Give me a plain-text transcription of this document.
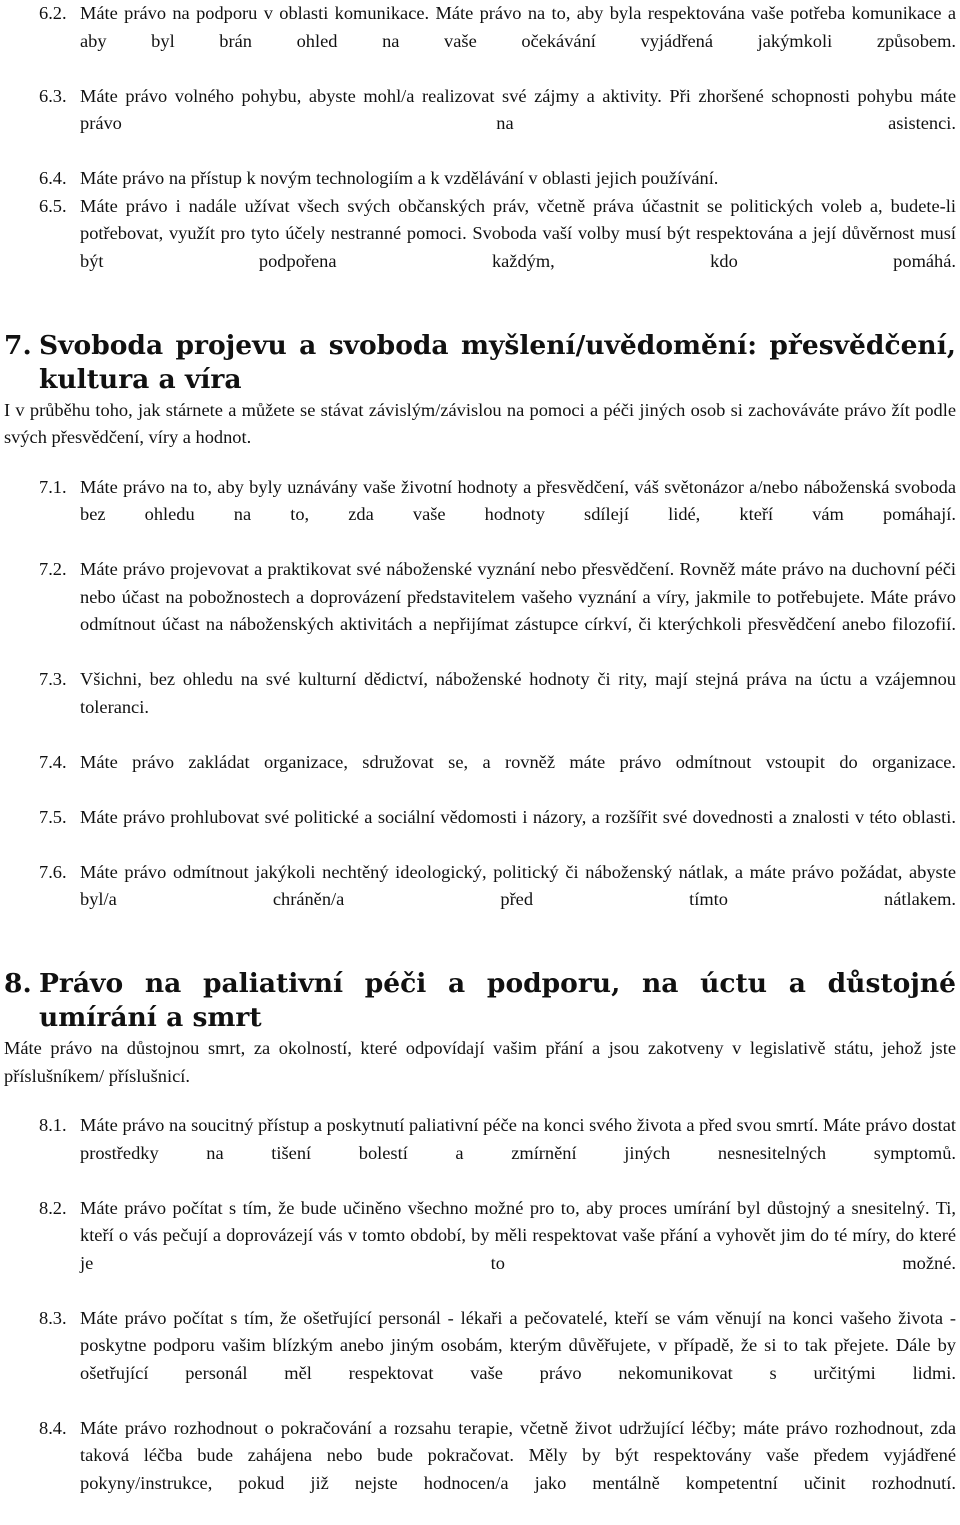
6.2. Máte právo na podporu v oblasti komunikace. Máte právo na to, aby byla respektována vaše potřeba komunikace a aby byl brán ohled na vaše očekávání vyjádřená jakýmkoli způsobem.
6.3. Máte právo volného pohybu, abyste mohl/a realizovat své zájmy a aktivity. Při zhoršené schopnosti pohybu máte právo na asistenci.
6.4. Máte právo na přístup k novým technologiím a k vzdělávání v oblasti jejich používání.
6.5. Máte právo i nadále užívat všech svých občanských práv, včetně práva účastnit se politických voleb a, budete-li potřebovat, využít pro tyto účely nestranné pomoci. Svoboda vaší volby musí být respektována a její důvěrnost musí být podpořena každým, kdo pomáhá.
7. Svoboda projevu a svoboda myšlení/uvědomění: přesvědčení, kultura a víra

I v průběhu toho, jak stárnete a můžete se stávat závislým/závislou na pomoci a péči jiných osob si zachováváte právo žít podle svých přesvědčení, víry a hodnot.

7.1. Máte právo na to, aby byly uznávány vaše životní hodnoty a přesvědčení, váš světonázor a/nebo náboženská svoboda bez ohledu na to, zda vaše hodnoty sdílejí lidé, kteří vám pomáhají.
7.2. Máte právo projevovat a praktikovat své náboženské vyznání nebo přesvědčení. Rovněž máte právo na duchovní péči nebo účast na pobožnostech a doprovázení představitelem vašeho vyznání a víry, jakmile to potřebujete. Máte právo odmítnout účast na náboženských aktivitách a nepřijímat zástupce církví, či kterýchkoli přesvědčení anebo filozofií.
7.3. Všichni, bez ohledu na své kulturní dědictví, náboženské hodnoty či rity, mají stejná práva na úctu a vzájemnou toleranci.
7.4. Máte právo zakládat organizace, sdružovat se, a rovněž máte právo odmítnout vstoupit do organizace.
7.5. Máte právo prohlubovat své politické a sociální vědomosti i názory, a rozšířit své dovednosti a znalosti v této oblasti.
7.6. Máte právo odmítnout jakýkoli nechtěný ideologický, politický či náboženský nátlak, a máte právo požádat, abyste byl/a chráněn/a před tímto nátlakem.
8. Právo na paliativní péči a podporu, na úctu a důstojné umírání a smrt

Máte právo na důstojnou smrt, za okolností, které odpovídají vašim přání a jsou zakotveny v legislativě státu, jehož jste příslušníkem/ příslušnicí.

8.1. Máte právo na soucitný přístup a poskytnutí paliativní péče na konci svého života a před svou smrtí. Máte právo dostat prostředky na tišení bolestí a zmírnění jiných nesnesitelných symptomů.
8.2. Máte právo počítat s tím, že bude učiněno všechno možné pro to, aby proces umírání byl důstojný a snesitelný. Ti, kteří o vás pečují a doprovázejí vás v tomto období, by měli respektovat vaše přání a vyhovět jim do té míry, do které je to možné.
8.3. Máte právo počítat s tím, že ošetřující personál - lékaři a pečovatelé, kteří se vám věnují na konci vašeho života - poskytne podporu vašim blízkým anebo jiným osobám, kterým důvěřujete, v případě, že si to tak přejete. Dále by ošetřující personál měl respektovat vaše právo nekomunikovat s určitými lidmi.
8.4. Máte právo rozhodnout o pokračování a rozsahu terapie, včetně život udržující léčby; máte právo rozhodnout, zda taková léčba bude zahájena nebo bude pokračovat. Měly by být respektovány vaše předem vyjádřené pokyny/instrukce, pokud již nejste hodnocen/a jako mentálně kompetentní učinit rozhodnutí.
